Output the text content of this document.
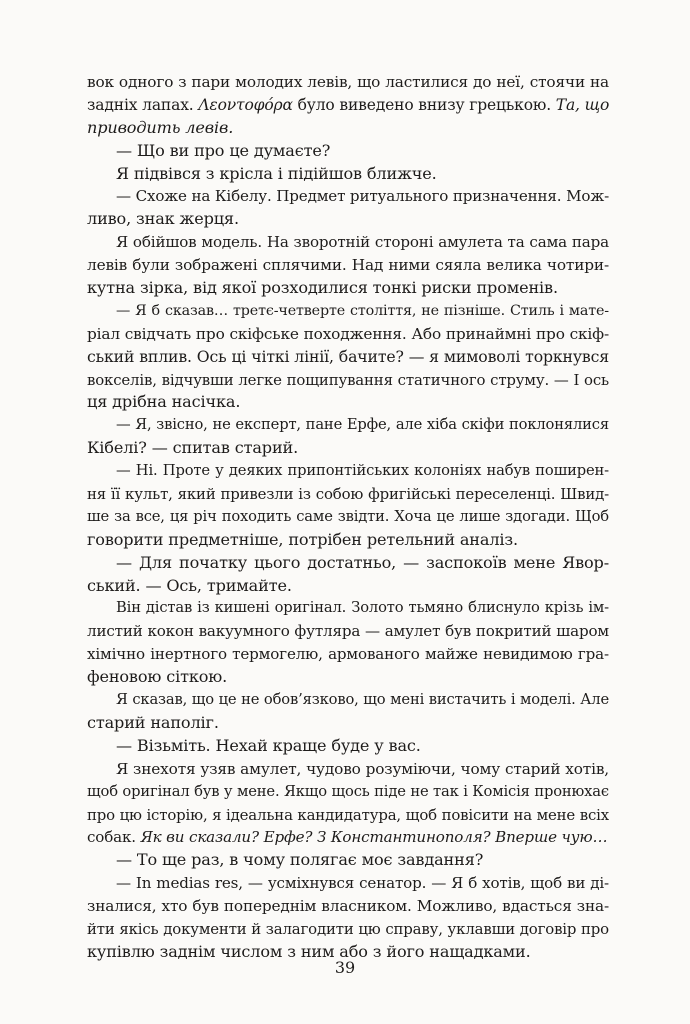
вок одного з пари молодих левів, що ластилися до неї, стоячи на
задніх лапах. Λεοντοφόρα було виведено внизу грецькою. Та, що
приводить левів.
— Що ви про це думаєте?
Я підвівся з крісла і підійшов ближче.
— Схоже на Кібелу. Предмет ритуального призначення. Мож-
ливо, знак жерця.
Я обійшов модель. На зворотній стороні амулета та сама пара
левів були зображені сплячими. Над ними сяяла велика чотири-
кутна зірка, від якої розходилися тонкі риски променів.
— Я б сказав… третє-четверте століття, не пізніше. Стиль і мате-
ріал свідчать про скіфське походження. Або принаймні про скіф-
ський вплив. Ось ці чіткі лінії, бачите? — я мимоволі торкнувся
вокселів, відчувши легке пощипування статичного струму. — І ось
ця дрібна насічка.
— Я, звісно, не експерт, пане Ерфе, але хіба скіфи поклонялися
Кібелі? — спитав старий.
— Ні. Проте у деяких припонтійських колоніях набув поширен-
ня її культ, який привезли із собою фригійські переселенці. Швид-
ше за все, ця річ походить саме звідти. Хоча це лише здогади. Щоб
говорити предметніше, потрібен ретельний аналіз.
— Для початку цього достатньо, — заспокоїв мене Явор-
ський. — Ось, тримайте.
Він дістав із кишені оригінал. Золото тьмяно блиснуло крізь ім-
листий кокон вакуумного футляра — амулет був покритий шаром
хімічно інертного термогелю, армованого майже невидимою гра-
феновою сіткою.
Я сказав, що це не обов’язково, що мені вистачить і моделі. Але
старий наполіг.
— Візьміть. Нехай краще буде у вас.
Я знехотя узяв амулет, чудово розуміючи, чому старий хотів,
щоб оригінал був у мене. Якщо щось піде не так і Комісія пронюхає
про цю історію, я ідеальна кандидатура, щоб повісити на мене всіх
собак. Як ви сказали? Ерфе? З Константинополя? Вперше чую…
— То ще раз, в чому полягає моє завдання?
— In medias res, — усміхнувся сенатор. — Я б хотів, щоб ви ді-
зналися, хто був попереднім власником. Можливо, вдасться зна-
йти якісь документи й залагодити цю справу, уклавши договір про
купівлю заднім числом з ним або з його нащадками.
39
